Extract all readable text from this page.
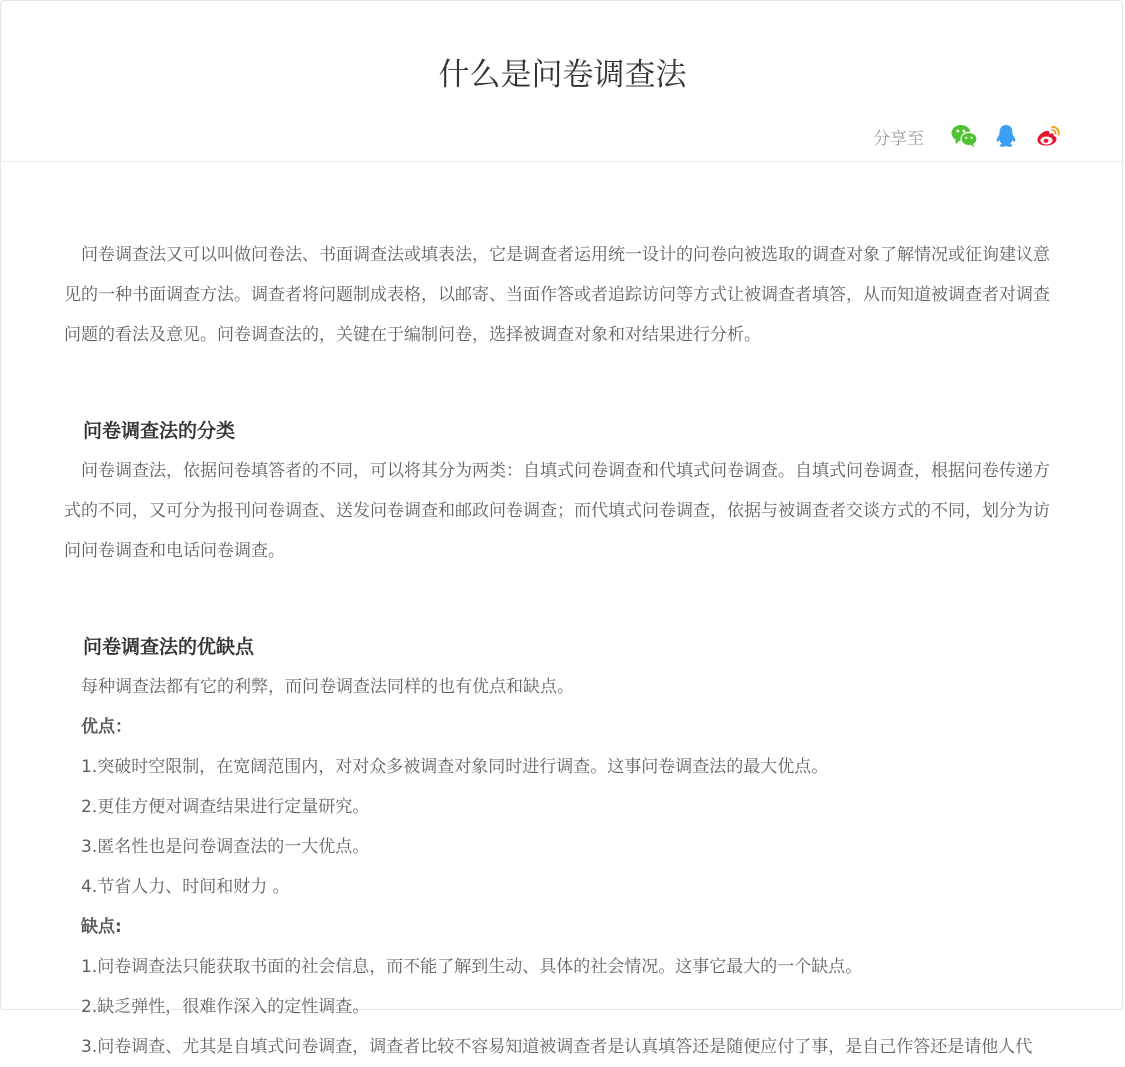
什么是问卷调查法
分享至

问卷调查法又可以叫做问卷法、书面调查法或填表法，它是调查者运用统一设计的问卷向被选取的调查对象了解情况或征询建议意见的一种书面调查方法。调查者将问题制成表格，以邮寄、当面作答或者追踪访问等方式让被调查者填答，从而知道被调查者对调查问题的看法及意见。问卷调查法的，关键在于编制问卷，选择被调查对象和对结果进行分析。

问卷调查法的分类

问卷调查法，依据问卷填答者的不同，可以将其分为两类：自填式问卷调查和代填式问卷调查。自填式问卷调查，根据问卷传递方式的不同，又可分为报刊问卷调查、送发问卷调查和邮政问卷调查；而代填式问卷调查，依据与被调查者交谈方式的不同，划分为访问问卷调查和电话问卷调查。

问卷调查法的优缺点

每种调查法都有它的利弊，而问卷调查法同样的也有优点和缺点。

优点：

1.突破时空限制，在宽阔范围内，对对众多被调查对象同时进行调查。这事问卷调查法的最大优点。

2.更佳方便对调查结果进行定量研究。

3.匿名性也是问卷调查法的一大优点。

4.节省人力、时间和财力 。

缺点:

1.问卷调查法只能获取书面的社会信息，而不能了解到生动、具体的社会情况。这事它最大的一个缺点。

2.缺乏弹性，很难作深入的定性调查。

3.问卷调查、尤其是自填式问卷调查，调查者比较不容易知道被调查者是认真填答还是随便应付了事，是自己作答还是请他人代
